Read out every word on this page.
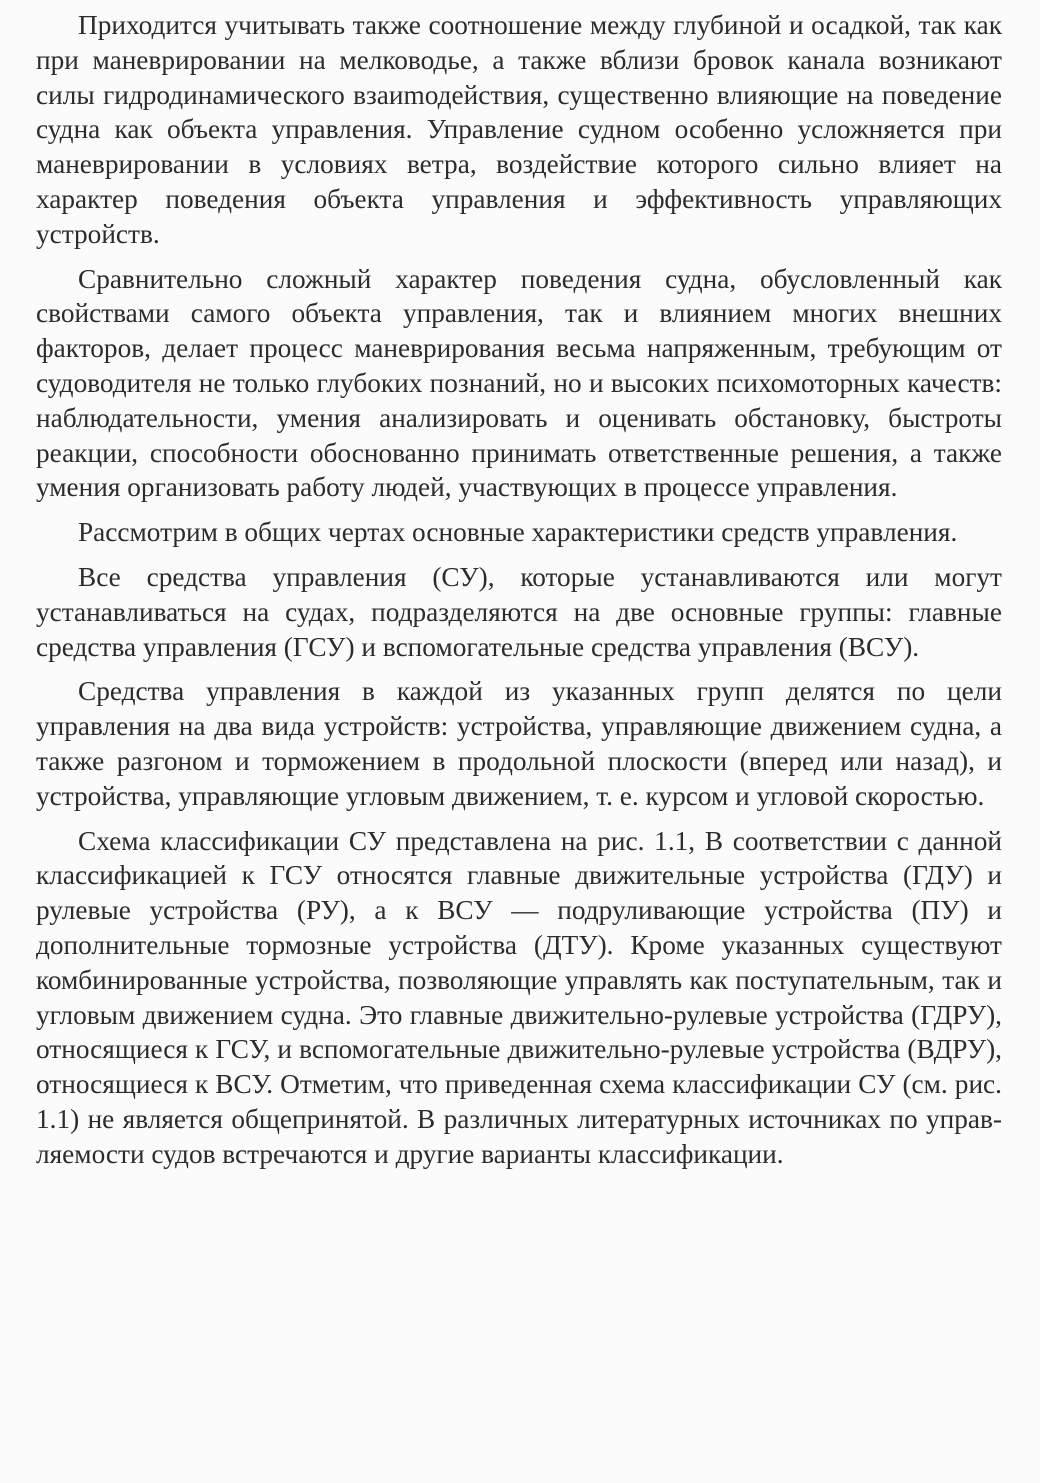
Приходится учитывать также соотношение между глубиной и осадкой, так как при маневрировании на мелководье, а также вблизи бровок канала возникают силы гидродинамического взаиmодействия, существенно влияющие на поведение судна как объекта управления. Управление судном особенно усложняется при маневрировании в условиях ветра, воздействие которого сильно влияет на характер поведения объекта управления и эффективность управляющих устройств.

Сравнительно сложный характер поведения судна, обусловленный как свойствами самого объекта управления, так и влиянием многих внешних факторов, делает процесс маневрирования весьма напряженным, требующим от судоводителя не только глубоких познаний, но и высоких психомоторных качеств: наблюдательности, умения анализировать и оценивать обстановку, быстроты реакции, способности обоснованно принимать ответственные решения, а также умения организовать работу людей, участвующих в процессе управления.

Рассмотрим в общих чертах основные характеристики средств управления.

Все средства управления (СУ), которые устанавливаются или могут устанавливаться на судах, подразделяются на две основные группы: главные средства управления (ГСУ) и вспомогательные средства управления (ВСУ).

Средства управления в каждой из указанных групп делятся по цели управления на два вида устройств: устройства, управляющие движением судна, а также разгоном и торможением в продольной плоскости (вперед или назад), и устройства, управляющие угловым движением, т. е. курсом и угловой скоростью.

Схема классификации СУ представлена на рис. 1.1, В соответствии с данной классификацией к ГСУ относятся главные движительные устройства (ГДУ) и рулевые устройства (РУ), а к ВСУ — подруливающие устройства (ПУ) и дополнительные тормозные устройства (ДТУ). Кроме указанных существуют комбинированные устройства, позволяющие управлять как поступательным, так и угловым движением судна. Это главные движительно-рулевые устройства (ГДРУ), относящиеся к ГСУ, и вспомогательные движительно-рулевые устройства (ВДРУ), относящиеся к ВСУ. Отметим, что приведенная схема классификации СУ (см. рис. 1.1) не является общепринятой. В различных литературных источниках по управляемости судов встречаются и другие варианты классификации.
